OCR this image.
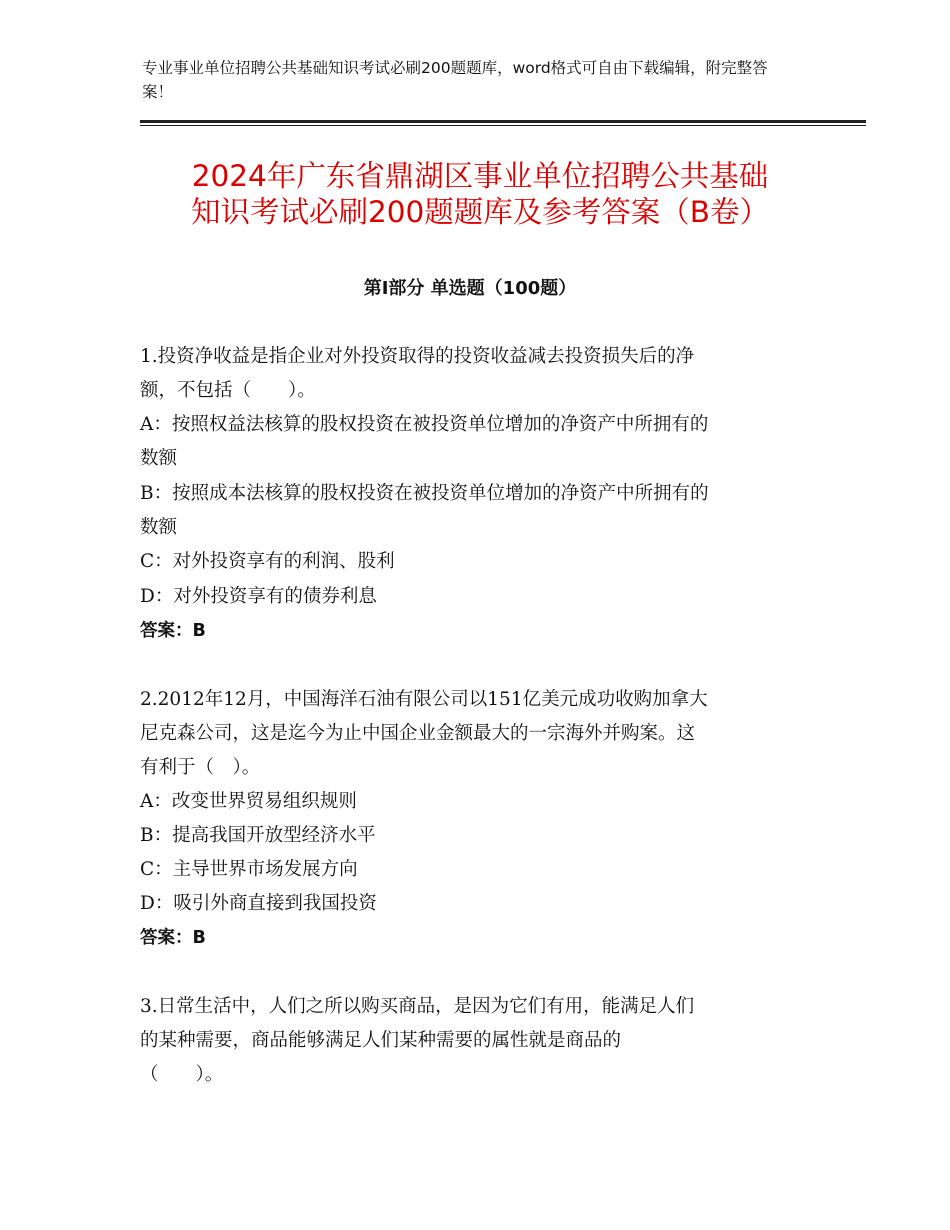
专业事业单位招聘公共基础知识考试必刷200题题库，word格式可自由下载编辑，附完整答案！
2024年广东省鼎湖区事业单位招聘公共基础
知识考试必刷200题题库及参考答案（B卷）
第Ⅰ部分 单选题（100题）
1.投资净收益是指企业对外投资取得的投资收益减去投资损失后的净
额，不包括（　　）。
A：按照权益法核算的股权投资在被投资单位增加的净资产中所拥有的
数额
B：按照成本法核算的股权投资在被投资单位增加的净资产中所拥有的
数额
C：对外投资享有的利润、股利
D：对外投资享有的债券利息
答案：B
2.2012年12月，中国海洋石油有限公司以151亿美元成功收购加拿大
尼克森公司，这是迄今为止中国企业金额最大的一宗海外并购案。这
有利于（　）。
A：改变世界贸易组织规则
B：提高我国开放型经济水平
C：主导世界市场发展方向
D：吸引外商直接到我国投资
答案：B
3.日常生活中，人们之所以购买商品，是因为它们有用，能满足人们
的某种需要，商品能够满足人们某种需要的属性就是商品的
（　　）。
